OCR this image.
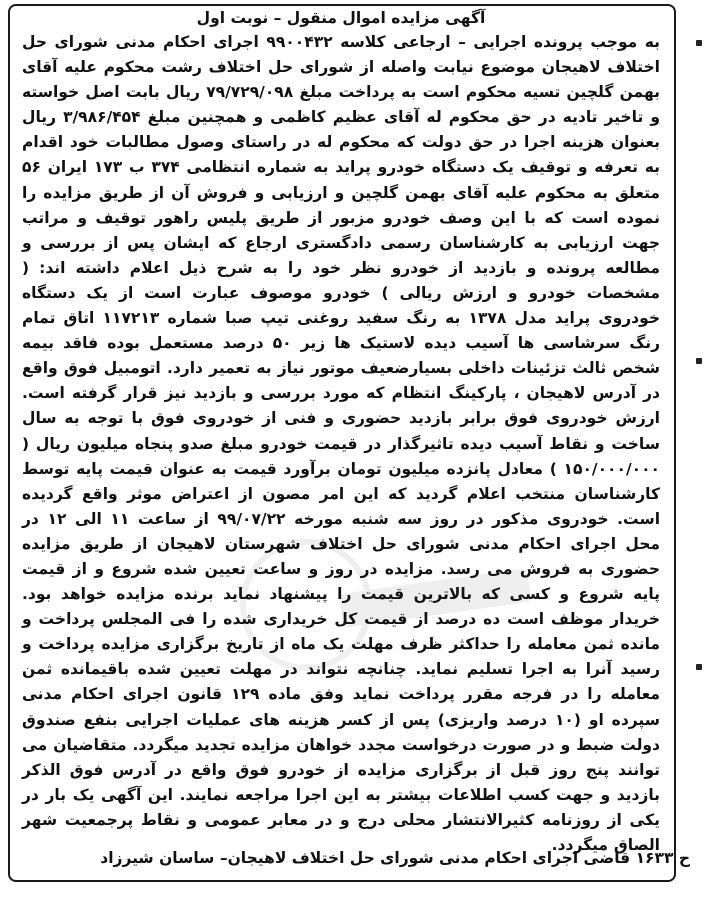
آگهی مزایده اموال منقول – نوبت اول

به موجب پرونده اجرایی – ارجاعی کلاسه ۹۹۰۰۴۳۲ اجرای احکام مدنی شورای حل اختلاف لاهیجان موضوع نیابت واصله از شورای حل اختلاف رشت محکوم علیه آقای بهمن گلچین تسیه محکوم است به پرداخت مبلغ ۷۹/۷۲۹/۰۹۸ ریال بابت اصل خواسته و تاخیر تادیه در حق محکوم له آقای عظیم کاظمی و همچنین مبلغ ۳/۹۸۶/۴۵۴ ریال بعنوان هزینه اجرا در حق دولت که محکوم له در راستای وصول مطالبات خود اقدام به تعرفه و توقیف یک دستگاه خودرو پراید به شماره انتظامی ۳۷۴ ب ۱۷۳ ایران ۵۶ متعلق به محکوم علیه آقای بهمن گلچین و ارزیابی و فروش آن از طریق مزایده را نموده است که با این وصف خودرو مزبور از طریق پلیس راهور توقیف و مراتب جهت ارزیابی به کارشناسان رسمی دادگستری ارجاع که ایشان پس از بررسی و مطالعه پرونده و بازدید از خودرو نظر خود را به شرح ذیل اعلام داشته اند: ( مشخصات خودرو و ارزش ریالی ) خودرو موصوف عبارت است از یک دستگاه خودروی پراید مدل ۱۳۷۸ به رنگ سفید روغنی تیپ صبا شماره ۱۱۷۲۱۳ اتاق تمام رنگ سرشاسی ها آسیب دیده لاستیک ها زیر ۵۰ درصد مستعمل بوده فاقد بیمه شخص ثالث تزئینات داخلی بسیارضعیف موتور نیاز به تعمیر دارد. اتومبیل فوق واقع در آدرس لاهیجان ، پارکینگ انتظام که مورد بررسی و بازدید نیز قرار گرفته است. ارزش خودروی فوق برابر بازدید حضوری و فنی از خودروی فوق با توجه به سال ساخت و نقاط آسیب دیده تاثیرگذار در قیمت خودرو مبلغ صدو پنجاه میلیون ریال ( ۱۵۰/۰۰۰/۰۰۰ ) معادل پانزده میلیون تومان برآورد قیمت به عنوان قیمت پایه توسط کارشناسان منتخب اعلام گردید که این امر مصون از اعتراض موثر واقع گردیده است. خودروی مذکور در روز سه شنبه مورخه ۹۹/۰۷/۲۲ از ساعت ۱۱ الی ۱۲ در محل اجرای احکام مدنی شورای حل اختلاف شهرستان لاهیجان از طریق مزایده حضوری به فروش می رسد. مزایده در روز و ساعت تعیین شده شروع و از قیمت پایه شروع و کسی که بالاترین قیمت را پیشنهاد نماید برنده مزایده خواهد بود. خریدار موظف است ده درصد از قیمت کل خریداری شده را فی المجلس پرداخت و مانده ثمن معامله را حداکثر ظرف مهلت یک ماه از تاریخ برگزاری مزایده پرداخت و رسید آنرا به اجرا تسلیم نماید. چنانچه نتواند در مهلت تعیین شده باقیمانده ثمن معامله را در فرجه مقرر پرداخت نماید وفق ماده ۱۲۹ قانون اجرای احکام مدنی سپرده او (۱۰ درصد واریزی) پس از کسر هزینه های عملیات اجرایی بنفع صندوق دولت ضبط و در صورت درخواست مجدد خواهان مزایده تجدید میگردد. متقاضیان می توانند پنج روز قبل از برگزاری مزایده از خودرو فوق واقع در آدرس فوق الذکر بازدید و جهت کسب اطلاعات بیشتر به این اجرا مراجعه نمایند. این آگهی یک بار در یکی از روزنامه کثیرالانتشار محلی درج و در معابر عمومی و نقاط پرجمعیت شهر الصاق میگردد.

ح ۱۶۳۳ قاضی اجرای احکام مدنی شورای حل اختلاف لاهیجان– ساسان شیرزاد
